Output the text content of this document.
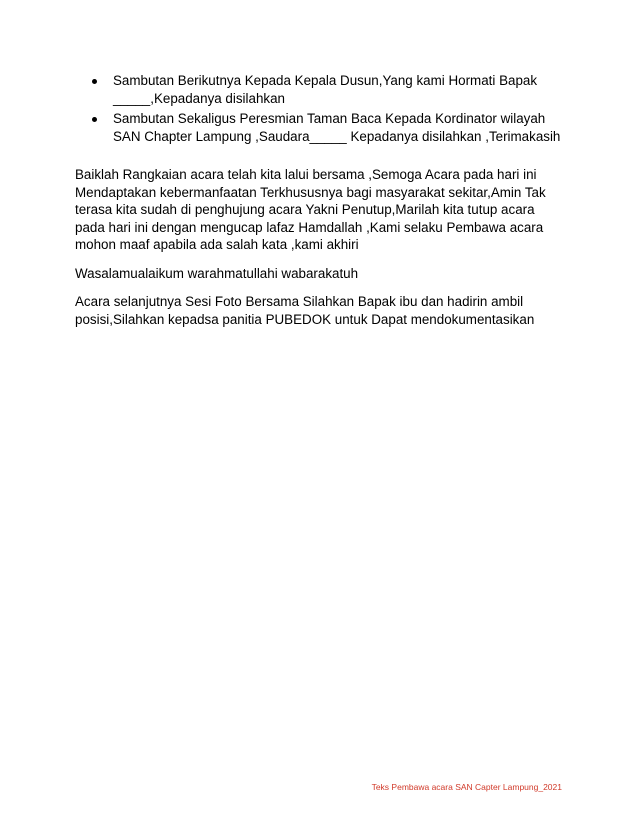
Sambutan Berikutnya Kepada Kepala Dusun,Yang kami Hormati Bapak _____,Kepadanya disilahkan
Sambutan Sekaligus Peresmian Taman Baca Kepada Kordinator wilayah SAN Chapter Lampung ,Saudara_____ Kepadanya disilahkan ,Terimakasih

Baiklah Rangkaian acara telah kita lalui bersama ,Semoga Acara pada hari ini Mendaptakan kebermanfaatan Terkhususnya bagi masyarakat sekitar,Amin Tak terasa kita sudah di penghujung acara Yakni Penutup,Marilah kita tutup acara pada hari ini dengan mengucap lafaz Hamdallah ,Kami selaku Pembawa acara mohon maaf apabila ada salah kata ,kami akhiri

Wasalamualaikum warahmatullahi wabarakatuh

Acara selanjutnya Sesi Foto Bersama Silahkan Bapak ibu dan hadirin ambil posisi,Silahkan kepadsa panitia PUBEDOK untuk Dapat mendokumentasikan

Teks Pembawa acara SAN Capter Lampung_2021
